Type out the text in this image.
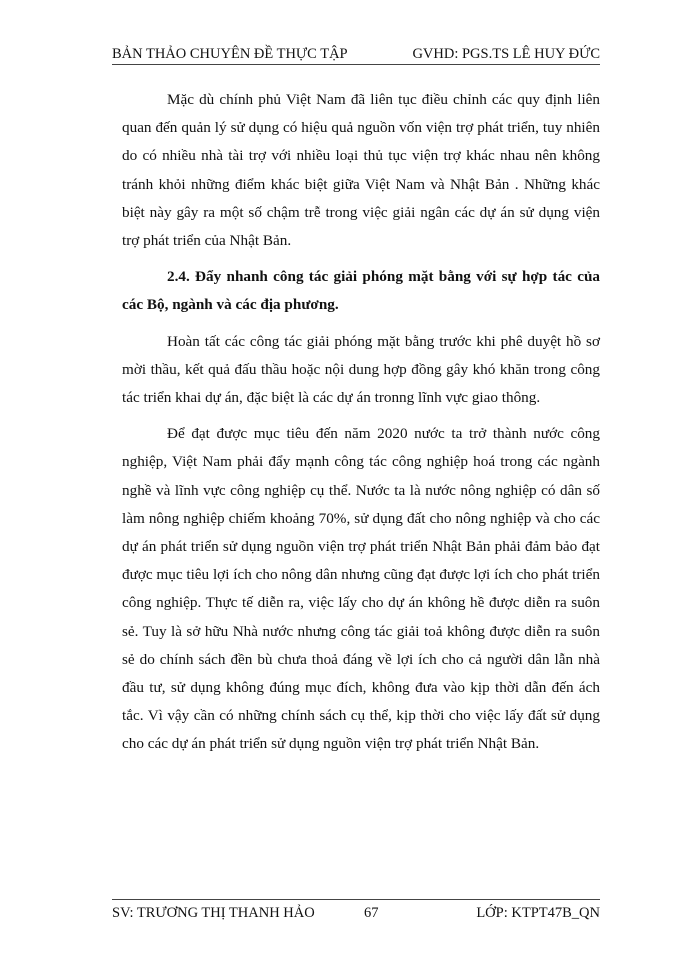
BẢN THẢO CHUYÊN ĐỀ THỰC TẬP	GVHD: PGS.TS LÊ HUY ĐỨC

Mặc dù chính phủ Việt Nam đã liên tục điều chỉnh các quy định liên quan đến quản lý sử dụng có hiệu quả nguồn vốn viện trợ phát triển, tuy nhiên do có nhiều nhà tài trợ với nhiều loại thủ tục viện trợ khác nhau nên không tránh khỏi những điểm khác biệt giữa Việt Nam và Nhật Bản . Những khác biệt này gây ra một số chậm trễ trong việc giải ngân các dự án sử dụng viện trợ phát triển của Nhật Bản.

2.4. Đẩy nhanh công tác giải phóng mặt bằng với sự hợp tác của các Bộ, ngành và các địa phương.

Hoàn tất các công tác giải phóng mặt bằng trước khi phê duyệt hồ sơ mời thầu, kết quả đấu thầu hoặc nội dung hợp đồng gây khó khăn trong công tác triển khai dự án, đặc biệt là các dự án tronng lĩnh vực giao thông.

Để đạt được mục tiêu đến năm 2020 nước ta trở thành nước công nghiệp, Việt Nam phải đẩy mạnh công tác công nghiệp hoá trong các ngành nghề và lĩnh vực công nghiệp cụ thể. Nước ta là nước nông nghiệp có dân số làm nông nghiệp chiếm khoảng 70%, sử dụng đất cho nông nghiệp và cho các dự án phát triển sử dụng nguồn viện trợ phát triển Nhật Bản phải đảm bảo đạt được mục tiêu lợi ích cho nông dân nhưng cũng đạt được lợi ích cho phát triển công nghiệp. Thực tế diễn ra, việc lấy cho dự án không hề được diễn ra suôn sẻ. Tuy là sở hữu Nhà nước nhưng công tác giải toả không được diễn ra suôn sẻ do chính sách đền bù chưa thoả đáng về lợi ích cho cả người dân lẫn nhà đầu tư, sử dụng không đúng mục đích, không đưa vào kịp thời dẫn đến ách tắc. Vì vậy cần có những chính sách cụ thể, kịp thời cho việc lấy đất sử dụng cho các dự án phát triển sử dụng nguồn viện trợ phát triển Nhật Bản.

SV: TRƯƠNG THỊ THANH HẢO	67	LỚP: KTPT47B_QN
